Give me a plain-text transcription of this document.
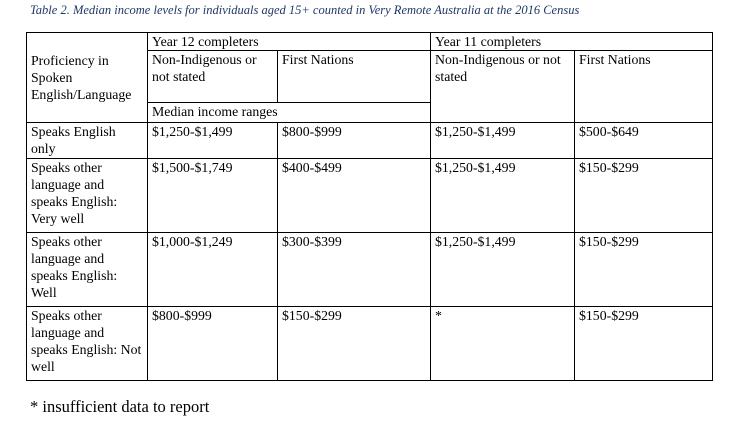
Table 2. Median income levels for individuals aged 15+ counted in Very Remote Australia at the 2016 Census
Proficiency in Spoken English/Language	Year 12 completers		Year 11 completers	
	Non-Indigenous or not stated	First Nations	Non-Indigenous or not stated	First Nations
	Median income ranges			
Speaks English only	$1,250-$1,499	$800-$999	$1,250-$1,499	$500-$649
Speaks other language and speaks English: Very well	$1,500-$1,749	$400-$499	$1,250-$1,499	$150-$299
Speaks other language and speaks English: Well	$1,000-$1,249	$300-$399	$1,250-$1,499	$150-$299
Speaks other language and speaks English: Not well	$800-$999	$150-$299	*	$150-$299
* insufficient data to report
